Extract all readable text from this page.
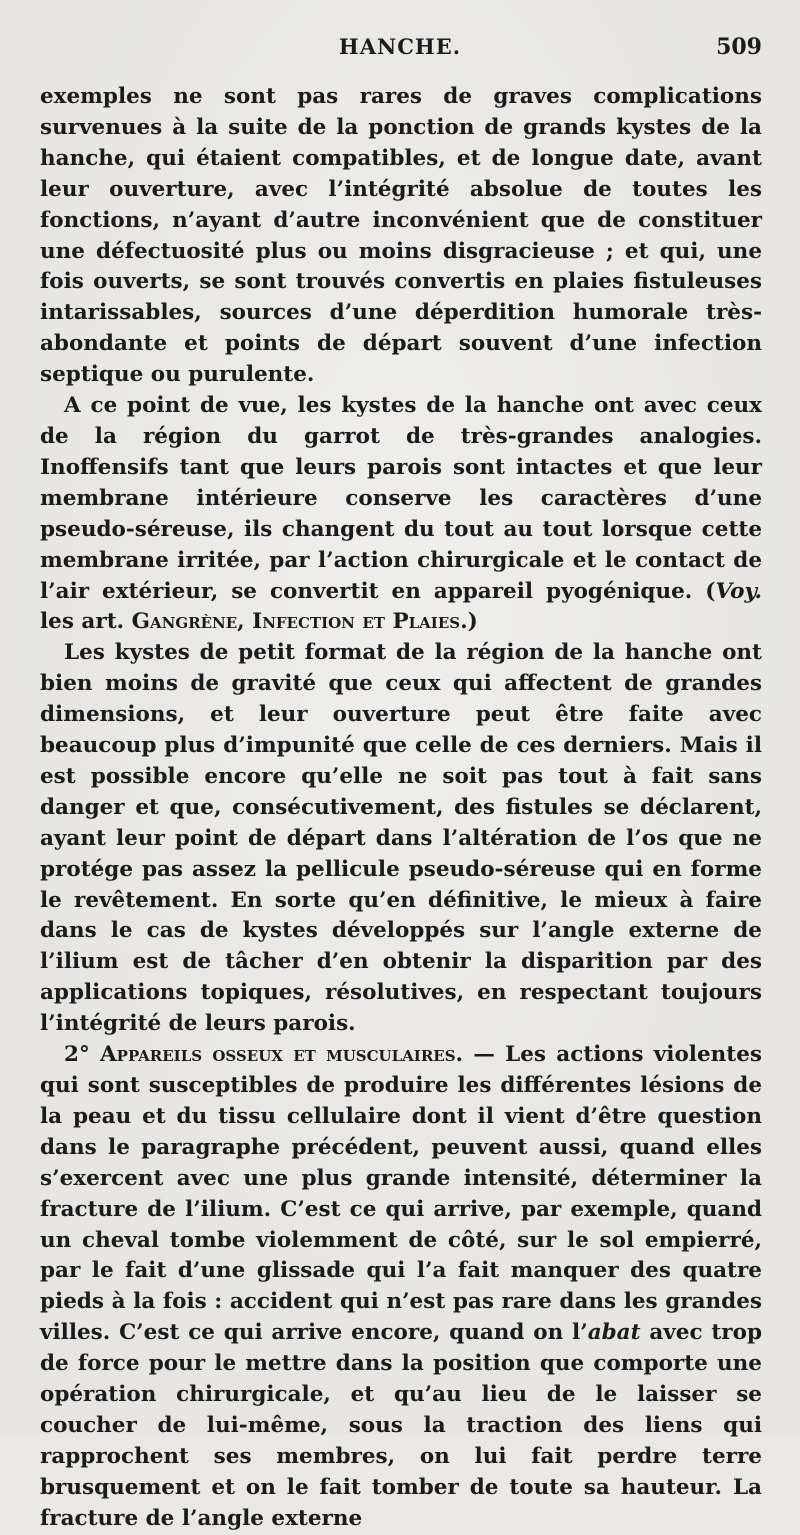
HANCHE.	509

exemples ne sont pas rares de graves complications survenues à la suite de la ponction de grands kystes de la hanche, qui étaient compatibles, et de longue date, avant leur ouverture, avec l’intégrité absolue de toutes les fonctions, n’ayant d’autre inconvénient que de constituer une défectuosité plus ou moins disgracieuse ; et qui, une fois ouverts, se sont trouvés convertis en plaies fistuleuses intarissables, sources d’une déperdition humorale très-abondante et points de départ souvent d’une infection septique ou purulente.

A ce point de vue, les kystes de la hanche ont avec ceux de la région du garrot de très-grandes analogies. Inoffensifs tant que leurs parois sont intactes et que leur membrane intérieure conserve les caractères d’une pseudo-séreuse, ils changent du tout au tout lorsque cette membrane irritée, par l’action chirurgicale et le contact de l’air extérieur, se convertit en appareil pyogénique. (Voy. les art. Gangrène, Infection et Plaies.)

Les kystes de petit format de la région de la hanche ont bien moins de gravité que ceux qui affectent de grandes dimensions, et leur ouverture peut être faite avec beaucoup plus d’impunité que celle de ces derniers. Mais il est possible encore qu’elle ne soit pas tout à fait sans danger et que, consécutivement, des fistules se déclarent, ayant leur point de départ dans l’altération de l’os que ne protége pas assez la pellicule pseudo-séreuse qui en forme le revêtement. En sorte qu’en définitive, le mieux à faire dans le cas de kystes développés sur l’angle externe de l’ilium est de tâcher d’en obtenir la disparition par des applications topiques, résolutives, en respectant toujours l’intégrité de leurs parois.

2° Appareils osseux et musculaires. — Les actions violentes qui sont susceptibles de produire les différentes lésions de la peau et du tissu cellulaire dont il vient d’être question dans le paragraphe précédent, peuvent aussi, quand elles s’exercent avec une plus grande intensité, déterminer la fracture de l’ilium. C’est ce qui arrive, par exemple, quand un cheval tombe violemment de côté, sur le sol empierré, par le fait d’une glissade qui l’a fait manquer des quatre pieds à la fois : accident qui n’est pas rare dans les grandes villes. C’est ce qui arrive encore, quand on l’abat avec trop de force pour le mettre dans la position que comporte une opération chirurgicale, et qu’au lieu de le laisser se coucher de lui-même, sous la traction des liens qui rapprochent ses membres, on lui fait perdre terre brusquement et on le fait tomber de toute sa hauteur. La fracture de l’angle externe
